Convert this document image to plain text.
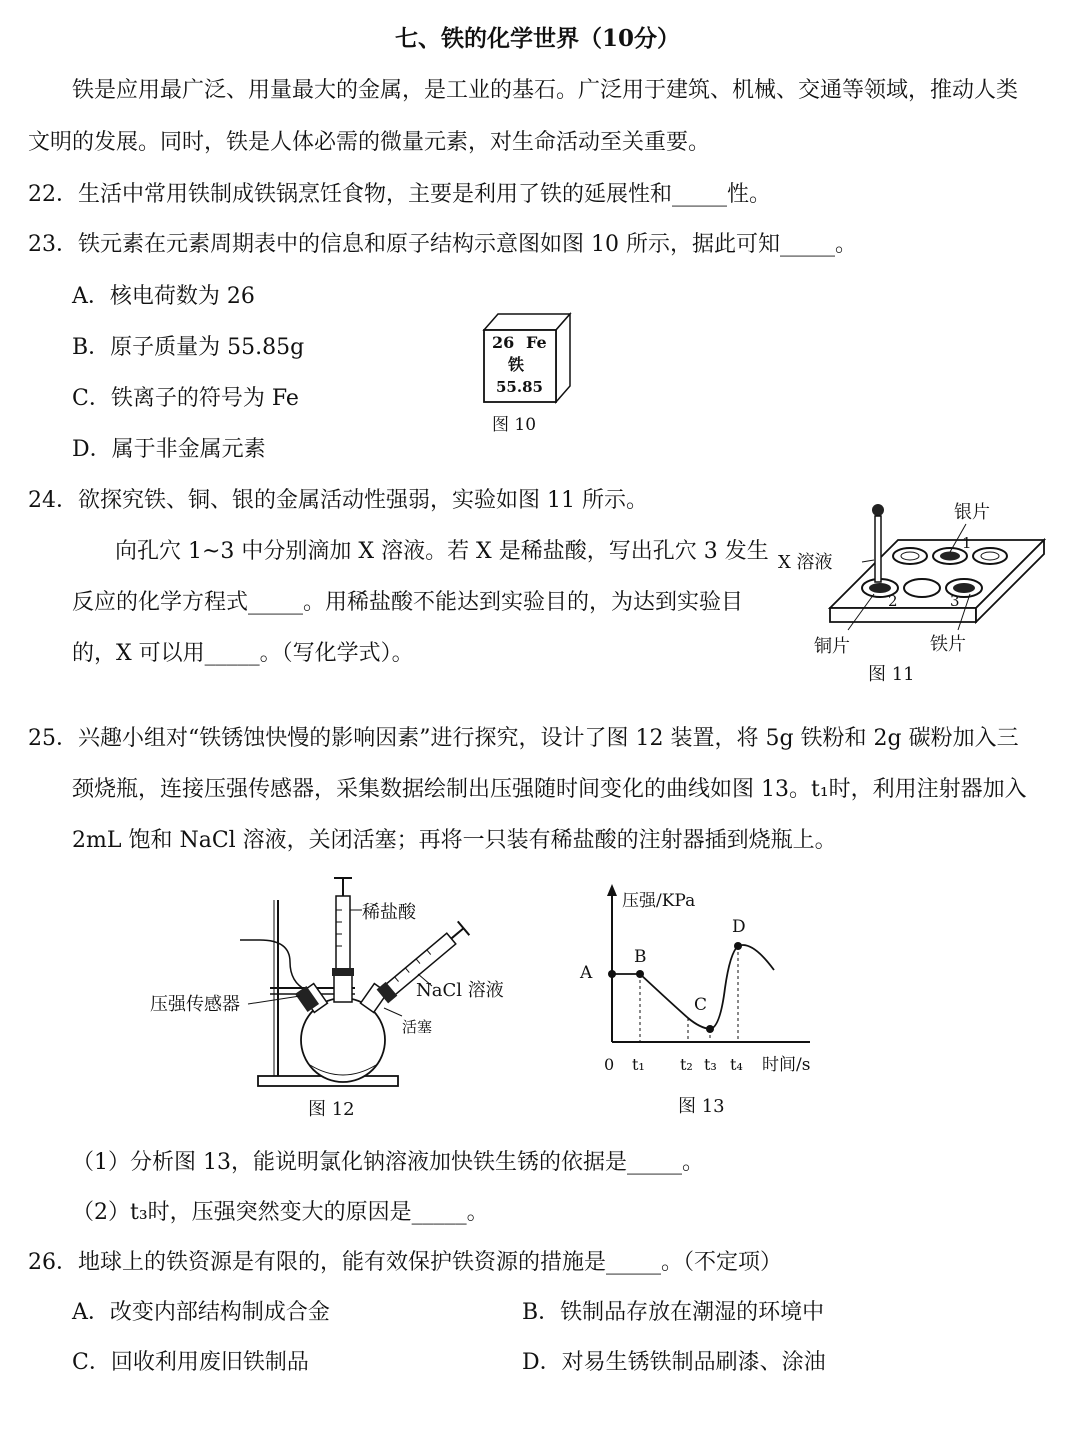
七、铁的化学世界（10分）
铁是应用最广泛、用量最大的金属，是工业的基石。广泛用于建筑、机械、交通等领域，推动人类
文明的发展。同时，铁是人体必需的微量元素，对生命活动至关重要。
22．生活中常用铁制成铁锅烹饪食物，主要是利用了铁的延展性和_____性。
23．铁元素在元素周期表中的信息和原子结构示意图如图 10 所示，据此可知_____。
A．核电荷数为 26
B．原子质量为 55.85g
C．铁离子的符号为 Fe
D．属于非金属元素
26 Fe
铁
55.85
图 10
24．欲探究铁、铜、银的金属活动性强弱，实验如图 11 所示。
向孔穴 1~3 中分别滴加 X 溶液。若 X 是稀盐酸，写出孔穴 3 发生
反应的化学方程式_____。用稀盐酸不能达到实验目的，为达到实验目
的，X 可以用_____。（写化学式）。
银片
X 溶液
铜片	铁片
1
2	3
图 11
25．兴趣小组对“铁锈蚀快慢的影响因素”进行探究，设计了图 12 装置，将 5g 铁粉和 2g 碳粉加入三
颈烧瓶，连接压强传感器，采集数据绘制出压强随时间变化的曲线如图 13。t₁时，利用注射器加入
2mL 饱和 NaCl 溶液，关闭活塞；再将一只装有稀盐酸的注射器插到烧瓶上。
稀盐酸
NaCl 溶液
压强传感器
活塞
图 12
压强/KPa
时间/s
A
B
C
D
0 t₁ t₂ t₃ t₄
图 13
（1）分析图 13，能说明氯化钠溶液加快铁生锈的依据是_____。
（2）t₃时，压强突然变大的原因是_____。
26．地球上的铁资源是有限的，能有效保护铁资源的措施是_____。（不定项）
A．改变内部结构制成合金	B．铁制品存放在潮湿的环境中
C．回收利用废旧铁制品	D．对易生锈铁制品刷漆、涂油
